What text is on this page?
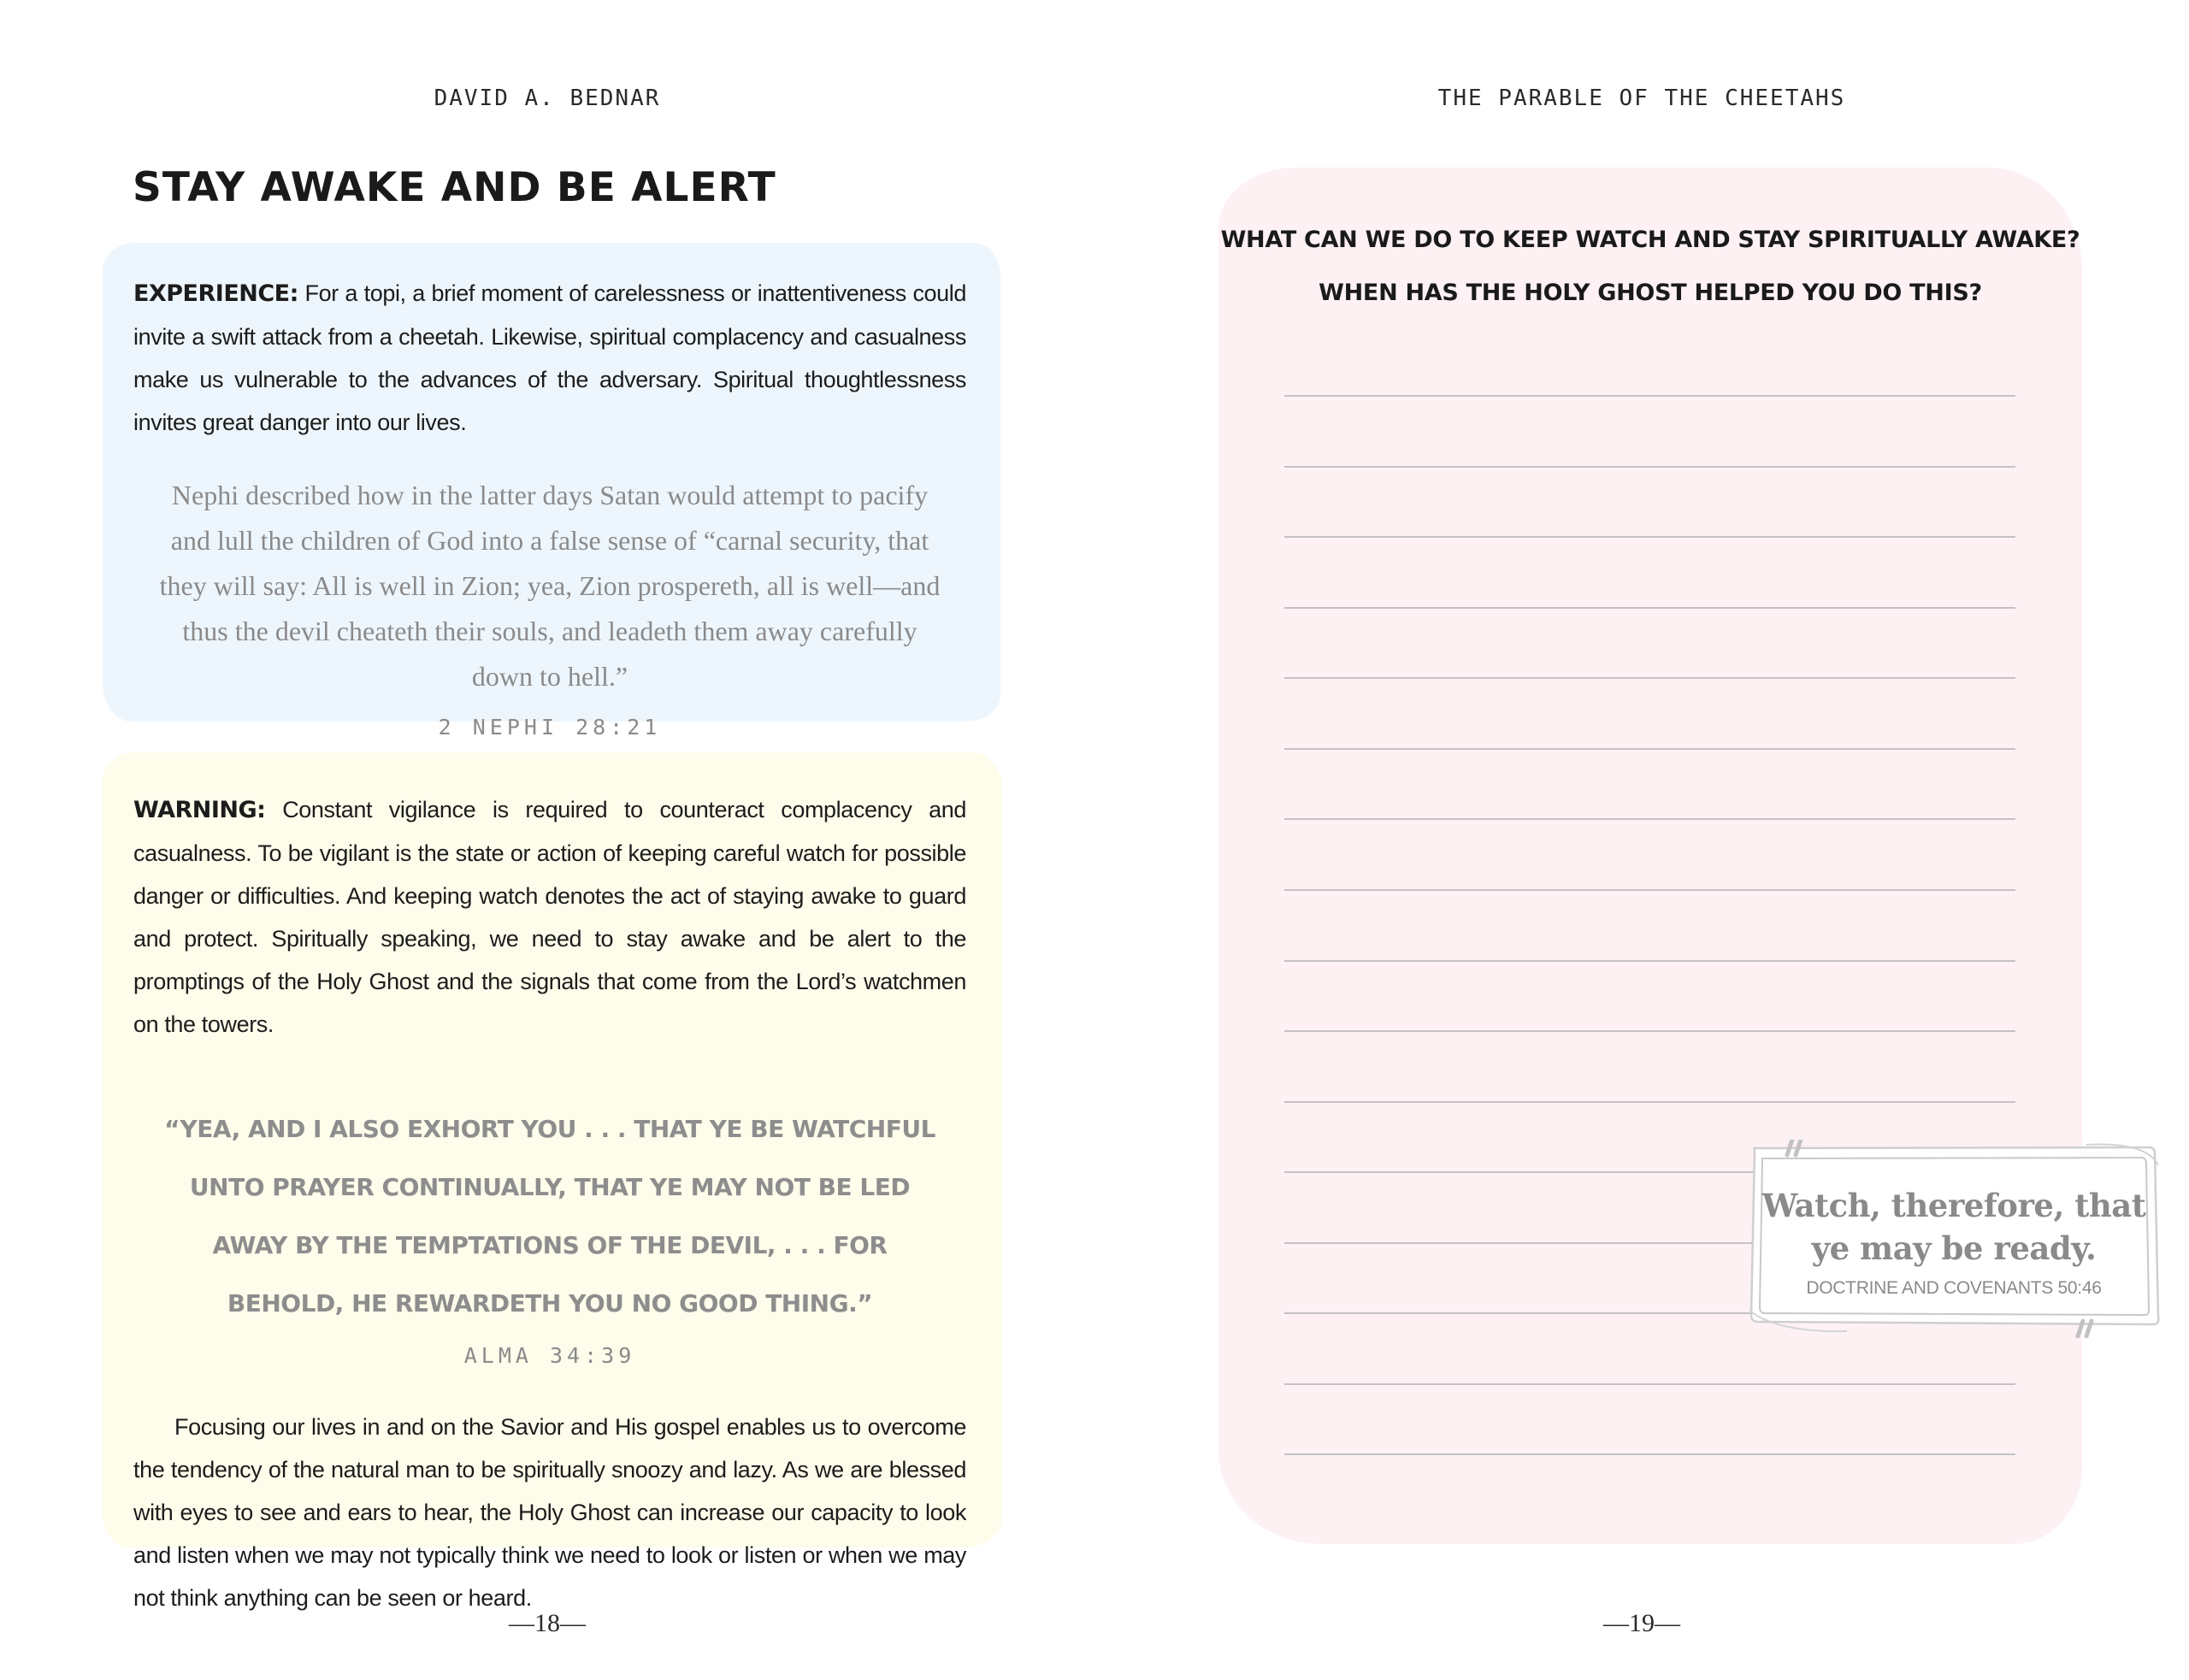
DAVID A. BEDNAR
STAY AWAKE AND BE ALERT

EXPERIENCE: For a topi, a brief moment of carelessness or inattentiveness could invite a swift attack from a cheetah. Likewise, spiritual complacency and casualness make us vulnerable to the advances of the adversary. Spiritual thoughtlessness invites great danger into our lives.

Nephi described how in the latter days Satan would attempt to pacify and lull the children of God into a false sense of “carnal security, that they will say: All is well in Zion; yea, Zion prospereth, all is well—and thus the devil cheateth their souls, and leadeth them away carefully down to hell.”

2 NEPHI 28:21

WARNING: Constant vigilance is required to counteract complacency and casualness. To be vigilant is the state or action of keeping careful watch for possible danger or difficulties. And keeping watch denotes the act of staying awake to guard and protect. Spiritually speaking, we need to stay awake and be alert to the promptings of the Holy Ghost and the signals that come from the Lord’s watchmen on the towers.

“YEA, AND I ALSO EXHORT YOU . . . THAT YE BE WATCHFUL UNTO PRAYER CONTINUALLY, THAT YE MAY NOT BE LED AWAY BY THE TEMPTATIONS OF THE DEVIL, . . . FOR BEHOLD, HE REWARDETH YOU NO GOOD THING.”

ALMA 34:39

Focusing our lives in and on the Savior and His gospel enables us to overcome the tendency of the natural man to be spiritually snoozy and lazy. As we are blessed with eyes to see and ears to hear, the Holy Ghost can increase our capacity to look and listen when we may not typically think we need to look or listen or when we may not think anything can be seen or heard.

—18—
THE PARABLE OF THE CHEETAHS

WHAT CAN WE DO TO KEEP WATCH AND STAY SPIRITUALLY AWAKE?
WHEN HAS THE HOLY GHOST HELPED YOU DO THIS?

—19—

Watch, therefore, that
ye may be ready.

DOCTRINE AND COVENANTS 50:46
